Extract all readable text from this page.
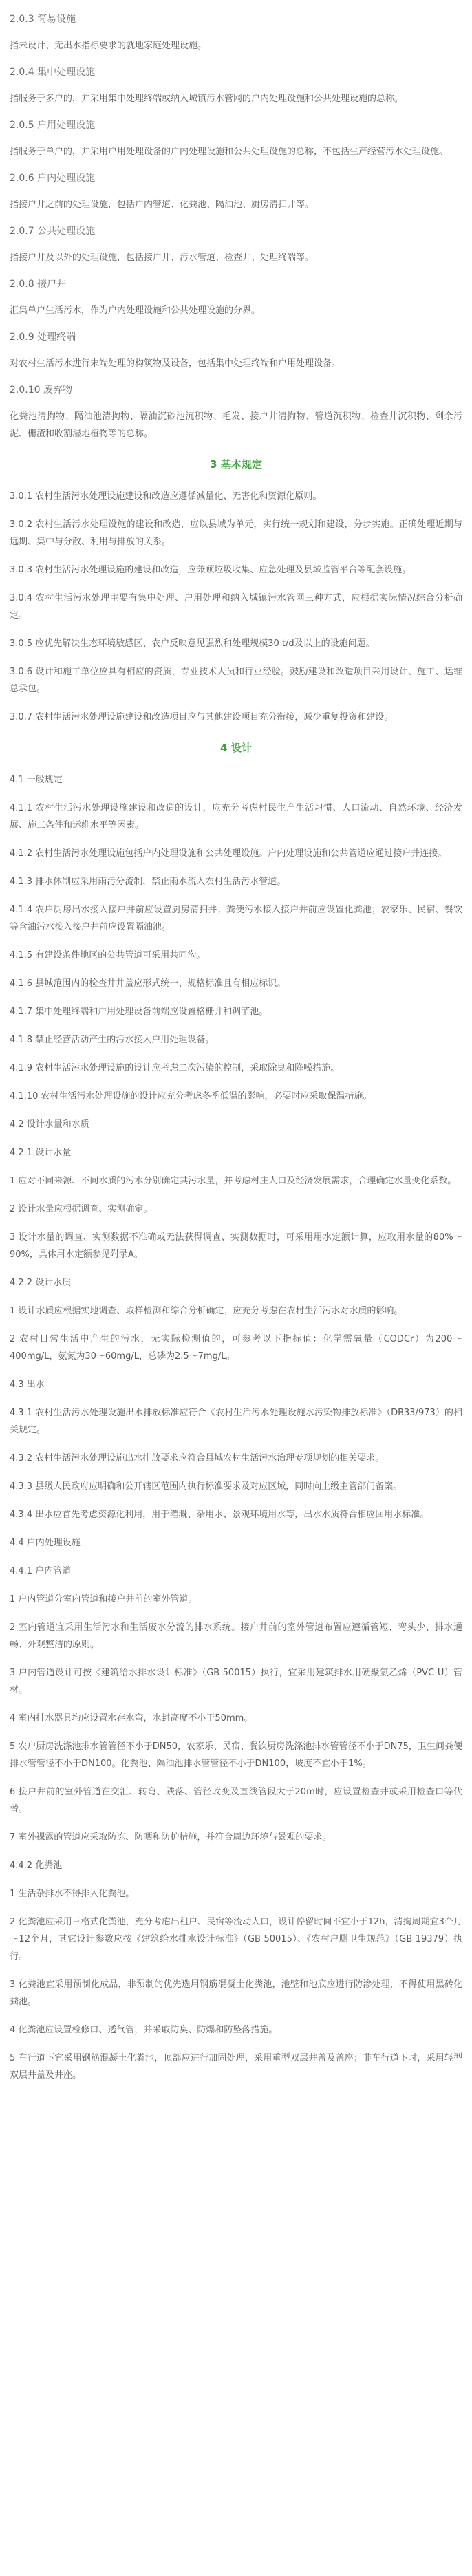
2.0.3 简易设施
指未设计、无出水指标要求的就地家庭处理设施。
2.0.4 集中处理设施
指服务于多户的，并采用集中处理终端或纳入城镇污水管网的户内处理设施和公共处理设施的总称。
2.0.5 户用处理设施
指服务于单户的，并采用户用处理设备的户内处理设施和公共处理设施的总称，不包括生产经营污水处理设施。
2.0.6 户内处理设施
指接户井之前的处理设施，包括户内管道、化粪池、隔油池、厨房清扫井等。
2.0.7 公共处理设施
指接户井及以外的处理设施，包括接户井、污水管道、检查井、处理终端等。
2.0.8 接户井
汇集单户生活污水，作为户内处理设施和公共处理设施的分界。
2.0.9 处理终端
对农村生活污水进行末端处理的构筑物及设备，包括集中处理终端和户用处理设备。
2.0.10 废弃物
化粪池清掏物、隔油池清掏物、隔油沉砂池沉积物、毛发、接户井清掏物、管道沉积物、检查井沉积物、剩余污泥、栅渣和收割湿地植物等的总称。
3 基本规定
3.0.1 农村生活污水处理设施建设和改造应遵循减量化、无害化和资源化原则。
3.0.2 农村生活污水处理设施的建设和改造，应以县域为单元，实行统一规划和建设，分步实施。正确处理近期与远期、集中与分散、利用与排放的关系。
3.0.3 农村生活污水处理设施的建设和改造，应兼顾垃圾收集、应急处理及县域监管平台等配套设施。
3.0.4 农村生活污水处理主要有集中处理、户用处理和纳入城镇污水管网三种方式，应根据实际情况综合分析确定。
3.0.5 应优先解决生态环境敏感区、农户反映意见强烈和处理规模30 t/d及以上的设施问题。
3.0.6 设计和施工单位应具有相应的资质，专业技术人员和行业经验。鼓励建设和改造项目采用设计、施工、运维总承包。
3.0.7 农村生活污水处理设施建设和改造项目应与其他建设项目充分衔接，减少重复投资和建设。
4 设计
4.1 一般规定
4.1.1 农村生活污水处理设施建设和改造的设计，应充分考虑村民生产生活习惯、人口流动、自然环境、经济发展、施工条件和运维水平等因素。
4.1.2 农村生活污水处理设施包括户内处理设施和公共处理设施。户内处理设施和公共管道应通过接户井连接。
4.1.3 排水体制应采用雨污分流制，禁止雨水流入农村生活污水管道。
4.1.4 农户厨房出水接入接户井前应设置厨房清扫井；粪便污水接入接户井前应设置化粪池；农家乐、民宿、餐饮等含油污水接入接户井前应设置隔油池。
4.1.5 有建设条件地区的公共管道可采用共同沟。
4.1.6 县城范围内的检查井井盖应形式统一、规格标准且有相应标识。
4.1.7 集中处理终端和户用处理设备前端应设置格栅井和调节池。
4.1.8 禁止经营活动产生的污水接入户用处理设备。
4.1.9 农村生活污水处理设施的设计应考虑二次污染的控制，采取除臭和降噪措施。
4.1.10 农村生活污水处理设施的设计应充分考虑冬季低温的影响，必要时应采取保温措施。
4.2 设计水量和水质
4.2.1 设计水量
1 应对不同来源、不同水质的污水分别确定其污水量，并考虑村庄人口及经济发展需求，合理确定水量变化系数。
2 设计水量应根据调查、实测确定。
3 设计水量的调查、实测数据不准确或无法获得调查、实测数据时，可采用用水定额计算，应取用水量的80%～90%，具体用水定额参见附录A。
4.2.2 设计水质
1 设计水质应根据实地调查、取样检测和综合分析确定；应充分考虑在农村生活污水对水质的影响。
2 农村日常生活中产生的污水，无实际检测值的，可参考以下指标值：化学需氧量（CODCr）为200～400mg/L，氨氮为30～60mg/L，总磷为2.5～7mg/L。
4.3 出水
4.3.1 农村生活污水处理设施出水排放标准应符合《农村生活污水处理设施水污染物排放标准》（DB33/973）的相关规定。
4.3.2 农村生活污水处理设施出水排放要求应符合县域农村生活污水治理专项规划的相关要求。
4.3.3 县级人民政府应明确和公开辖区范围内执行标准要求及对应区域，同时向上级主管部门备案。
4.3.4 出水应首先考虑资源化利用，用于灌溉、杂用水、景观环境用水等，出水水质符合相应回用水标准。
4.4 户内处理设施
4.4.1 户内管道
1 户内管道分室内管道和接户井前的室外管道。
2 室内管道宜采用生活污水和生活废水分流的排水系统。接户井前的室外管道布置应遵循管短、弯头少、排水通畅、外观整洁的原则。
3 户内管道设计可按《建筑给水排水设计标准》（GB 50015）执行，宜采用建筑排水用硬聚氯乙烯（PVC-U）管材。
4 室内排水器具均应设置水存水弯，水封高度不小于50mm。
5 农户厨房洗涤池排水管管径不小于DN50，农家乐、民宿、餐饮厨房洗涤池排水管管径不小于DN75，卫生间粪便排水管管径不小于DN100。化粪池、隔油池排水管管径不小于DN100，坡度不宜小于1%。
6 接户井前的室外管道在交汇、转弯、跌落、管径改变及直线管段大于20m时，应设置检查井或采用检查口等代替。
7 室外裸露的管道应采取防冻、防晒和防护措施，并符合周边环境与景观的要求。
4.4.2 化粪池
1 生活杂排水不得排入化粪池。
2 化粪池应采用三格式化粪池，充分考虑出租户、民宿等流动人口，设计停留时间不宜小于12h，清掏周期宜3个月～12个月，其它设计参数应按《建筑给水排水设计标准》（GB 50015）、《农村户厕卫生规范》（GB 19379）执行。
3 化粪池宜采用预制化成品，非预制的优先选用钢筋混凝土化粪池，池壁和池底应进行防渗处理，不得使用黑砖化粪池。
4 化粪池应设置检修口、透气管，并采取防臭、防爆和防坠落措施。
5 车行道下宜采用钢筋混凝土化粪池，顶部应进行加固处理，采用重型双层井盖及盖座；非车行道下时，采用轻型双层井盖及井座。
